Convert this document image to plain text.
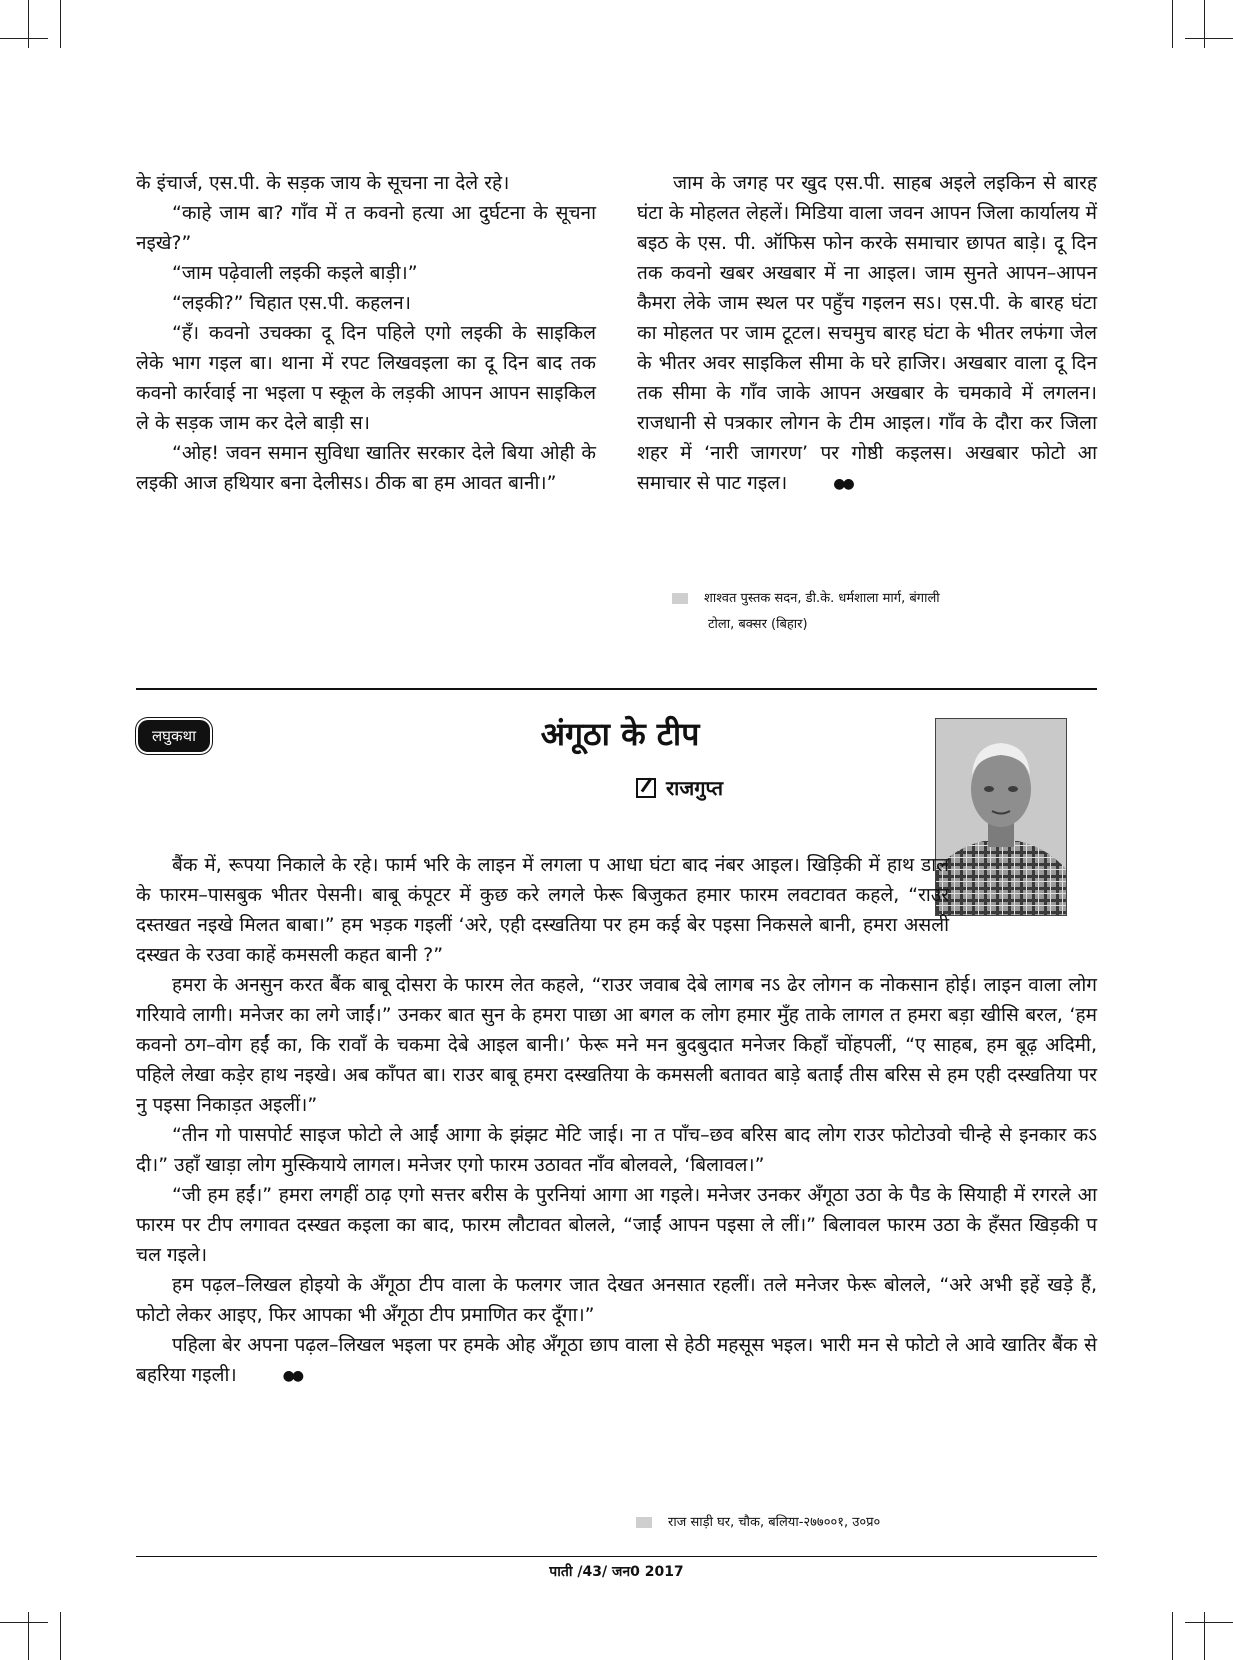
के इंचार्ज, एस.पी. के सड़क जाय के सूचना ना देले रहे।

“काहे जाम बा? गाँव में त कवनो हत्या आ दुर्घटना के सूचना नइखे?”

“जाम पढ़ेवाली लइकी कइले बाड़ी।”

“लइकी?” चिहात एस.पी. कहलन।

“हँ। कवनो उचक्का दू दिन पहिले एगो लइकी के साइकिल लेके भाग गइल बा। थाना में रपट लिखवइला का दू दिन बाद तक कवनो कार्रवाई ना भइला प स्कूल के लड़की आपन आपन साइकिल ले के सड़क जाम कर देले बाड़ी स।

“ओह! जवन समान सुविधा खातिर सरकार देले बिया ओही के लइकी आज हथियार बना देलीसऽ। ठीक बा हम आवत बानी।”

जाम के जगह पर खुद एस.पी. साहब अइले लइकिन से बारह घंटा के मोहलत लेहलें। मिडिया वाला जवन आपन जिला कार्यालय में बइठ के एस. पी. ऑफिस फोन करके समाचार छापत बाड़े। दू दिन तक कवनो खबर अखबार में ना आइल। जाम सुनते आपन–आपन कैमरा लेके जाम स्थल पर पहुँच गइलन सऽ। एस.पी. के बारह घंटा का मोहलत पर जाम टूटल। सचमुच बारह घंटा के भीतर लफंगा जेल के भीतर अवर साइकिल सीमा के घरे हाजिर। अखबार वाला दू दिन तक सीमा के गाँव जाके आपन अखबार के चमकावे में लगलन। राजधानी से पत्रकार लोगन के टीम आइल। गाँव के दौरा कर जिला शहर में ‘नारी जागरण’ पर गोष्ठी कइलस। अखबार फोटो आ समाचार से पाट गइल।	●●

शाश्वत पुस्तक सदन, डी.के. धर्मशाला मार्ग, बंगाली
टोला, बक्सर (बिहार)
लघुकथा	अंगूठा के टीप
राजगुप्त

बैंक में, रूपया निकाले के रहे। फार्म भरि के लाइन में लगला प आधा घंटा बाद नंबर आइल। खिड़िकी में हाथ डाल के फारम–पासबुक भीतर पेसनी। बाबू कंपूटर में कुछ करे लगले फेरू बिजुकत हमार फारम लवटावत कहले, “राउर दस्तखत नइखे मिलत बाबा।” हम भड़क गइलीं ‘अरे, एही दस्खतिया पर हम कई बेर पइसा निकसले बानी, हमरा असली दस्खत के रउवा काहें कमसली कहत बानी ?”

हमरा के अनसुन करत बैंक बाबू दोसरा के फारम लेत कहले, “राउर जवाब देबे लागब नऽ ढेर लोगन क नोकसान होई। लाइन वाला लोग गरियावे लागी। मनेजर का लगे जाईं।” उनकर बात सुन के हमरा पाछा आ बगल क लोग हमार मुँह ताके लागल त हमरा बड़ा खीसि बरल, ‘हम कवनो ठग–वोग हईं का, कि रावाँ के चकमा देबे आइल बानी।’ फेरू मने मन बुदबुदात मनेजर किहाँ चोंहपलीं, “ए साहब, हम बूढ़ अदिमी, पहिले लेखा कड़ेर हाथ नइखे। अब काँपत बा। राउर बाबू हमरा दस्खतिया के कमसली बतावत बाड़े बताईं तीस बरिस से हम एही दस्खतिया पर नु पइसा निकाड़त अइलीं।”

“तीन गो पासपोर्ट साइज फोटो ले आईं आगा के झंझट मेटि जाई। ना त पाँच–छव बरिस बाद लोग राउर फोटोउवो चीन्हे से इनकार कऽ दी।” उहाँ खाड़ा लोग मुस्कियाये लागल। मनेजर एगो फारम उठावत नाँव बोलवले, ‘बिलावल।”

“जी हम हईं।” हमरा लगहीं ठाढ़ एगो सत्तर बरीस के पुरनियां आगा आ गइले। मनेजर उनकर अँगूठा उठा के पैड के सियाही में रगरले आ फारम पर टीप लगावत दस्खत कइला का बाद, फारम लौटावत बोलले, “जाईं आपन पइसा ले लीं।” बिलावल फारम उठा के हँसत खिड़की प चल गइले।

हम पढ़ल–लिखल होइयो के अँगूठा टीप वाला के फलगर जात देखत अनसात रहलीं। तले मनेजर फेरू बोलले, “अरे अभी इहें खड़े हैं, फोटो लेकर आइए, फिर आपका भी अँगूठा टीप प्रमाणित कर दूँगा।”

पहिला बेर अपना पढ़ल–लिखल भइला पर हमके ओह अँगूठा छाप वाला से हेठी महसूस भइल। भारी मन से फोटो ले आवे खातिर बैंक से बहरिया गइली।	●●

राज साड़ी घर, चौक, बलिया-२७७००१, उ०प्र०
पाती /43/ जन0 2017
